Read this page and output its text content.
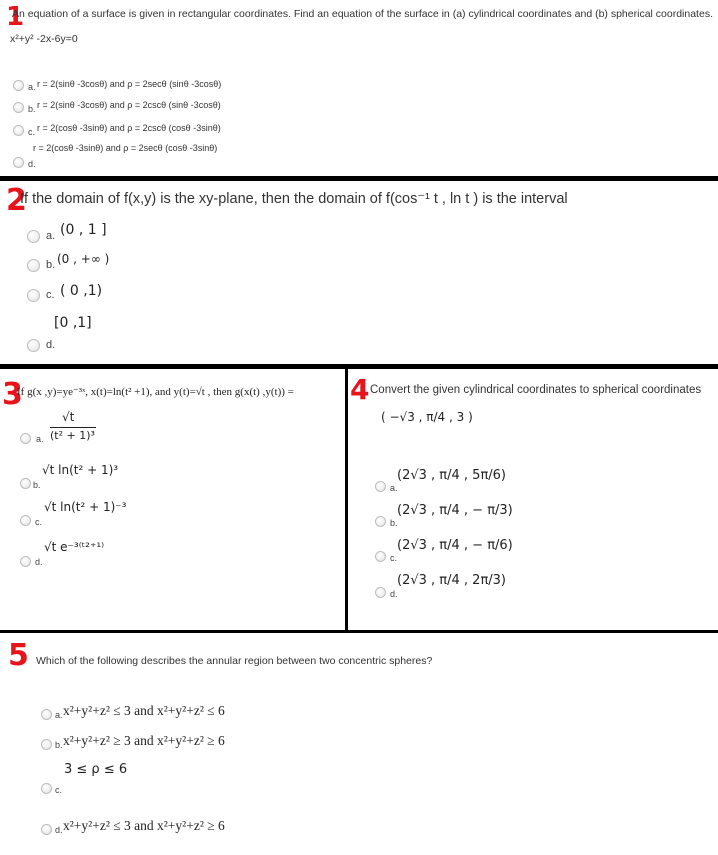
1
An equation of a surface is given in rectangular coordinates. Find an equation of the surface in (a) cylindrical coordinates and (b) spherical coordinates.
x²+y² -2x-6y=0
a. r = 2(sinθ -3cosθ) and ρ = 2secθ (sinθ -3cosθ)
b. r = 2(sinθ -3cosθ) and ρ = 2cscθ (sinθ -3cosθ)
c. r = 2(cosθ -3sinθ) and ρ = 2cscθ (cosθ -3sinθ)
r = 2(cosθ -3sinθ) and ρ = 2secθ (cosθ -3sinθ)
d.
2
If the domain of f(x,y) is the xy-plane, then the domain of f(cos⁻¹ t , ln t ) is the interval
a. (0 , 1 ]
b. (0 , +∞ )
c. ( 0 ,1)
[0 ,1]
d.
3
If g(x ,y)=ye⁻³ˣ, x(t)=ln(t² +1), and y(t)=√t , then g(x(t) ,y(t)) =
a.
√t
(t² + 1)³
b.
√t ln(t² + 1)³
c.
√t ln(t² + 1)⁻³
d.
√t e⁻³⁽ᵗ²⁺¹⁾
4 Convert the given cylindrical coordinates to spherical coordinates
( −√3 , π/4 , 3 )
a.
(2√3 , π/4 , 5π/6)
b.
(2√3 , π/4 , − π/3)
c.
(2√3 , π/4 , − π/6)
d.
(2√3 , π/4 , 2π/3)
5 Which of the following describes the annular region between two concentric spheres?
a. x²+y²+z² ≤ 3 and x²+y²+z² ≤ 6
b. x²+y²+z² ≥ 3 and x²+y²+z² ≥ 6
3 ≤ ρ ≤ 6
c.
d. x²+y²+z² ≤ 3 and x²+y²+z² ≥ 6
